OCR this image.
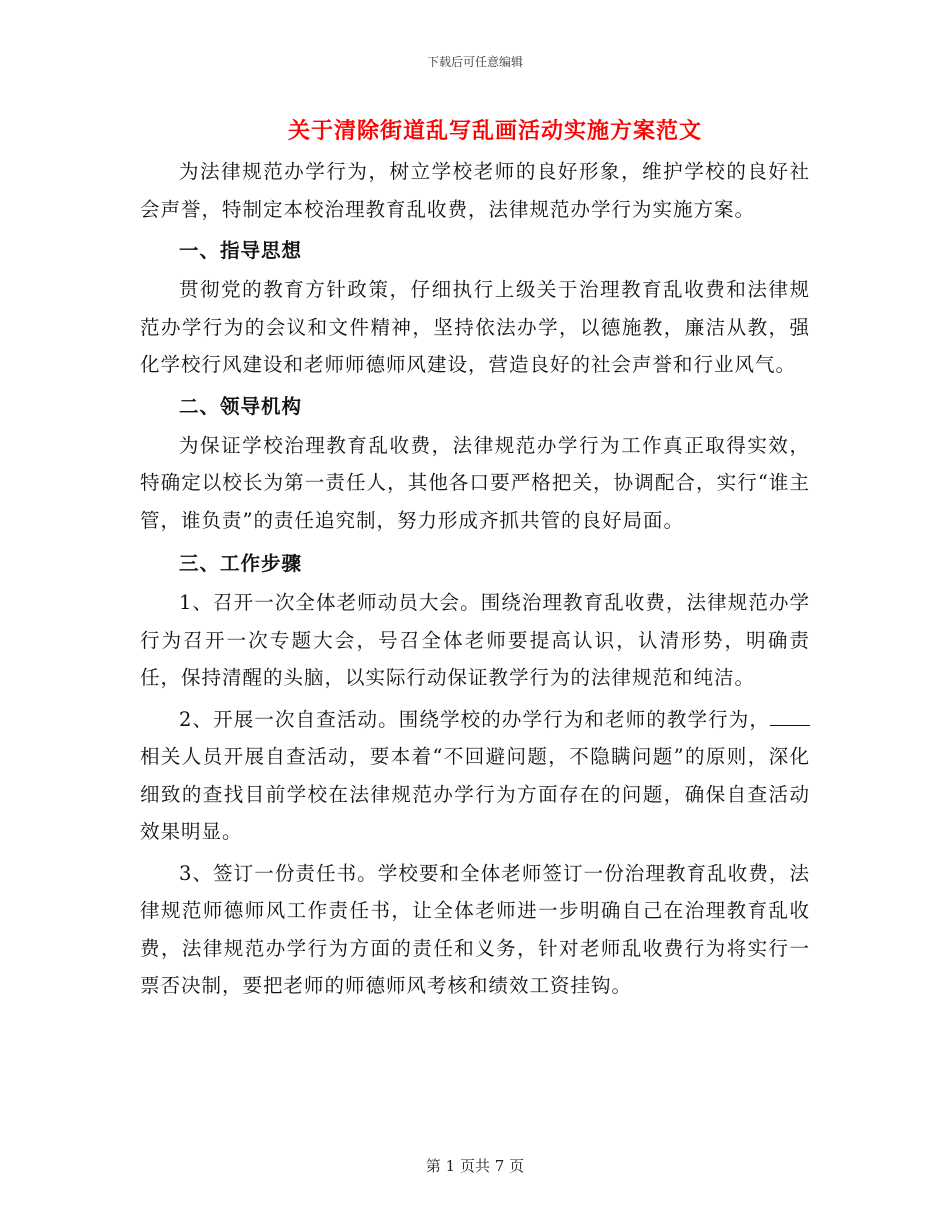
下载后可任意编辑
关于清除街道乱写乱画活动实施方案范文

为法律规范办学行为，树立学校老师的良好形象，维护学校的良好社会声誉，特制定本校治理教育乱收费，法律规范办学行为实施方案。

一、指导思想

贯彻党的教育方针政策，仔细执行上级关于治理教育乱收费和法律规范办学行为的会议和文件精神，坚持依法办学，以德施教，廉洁从教，强化学校行风建设和老师师德师风建设，营造良好的社会声誉和行业风气。

二、领导机构

为保证学校治理教育乱收费，法律规范办学行为工作真正取得实效，特确定以校长为第一责任人，其他各口要严格把关，协调配合，实行“谁主管，谁负责”的责任追究制，努力形成齐抓共管的良好局面。

三、工作步骤

1、召开一次全体老师动员大会。围绕治理教育乱收费，法律规范办学行为召开一次专题大会，号召全体老师要提高认识，认清形势，明确责任，保持清醒的头脑，以实际行动保证教学行为的法律规范和纯洁。

2、开展一次自查活动。围绕学校的办学行为和老师的教学行为，相关人员开展自查活动，要本着“不回避问题，不隐瞒问题”的原则，深化细致的查找目前学校在法律规范办学行为方面存在的问题，确保自查活动效果明显。

3、签订一份责任书。学校要和全体老师签订一份治理教育乱收费，法律规范师德师风工作责任书，让全体老师进一步明确自己在治理教育乱收费，法律规范办学行为方面的责任和义务，针对老师乱收费行为将实行一票否决制，要把老师的师德师风考核和绩效工资挂钩。

第 1 页共 7 页
